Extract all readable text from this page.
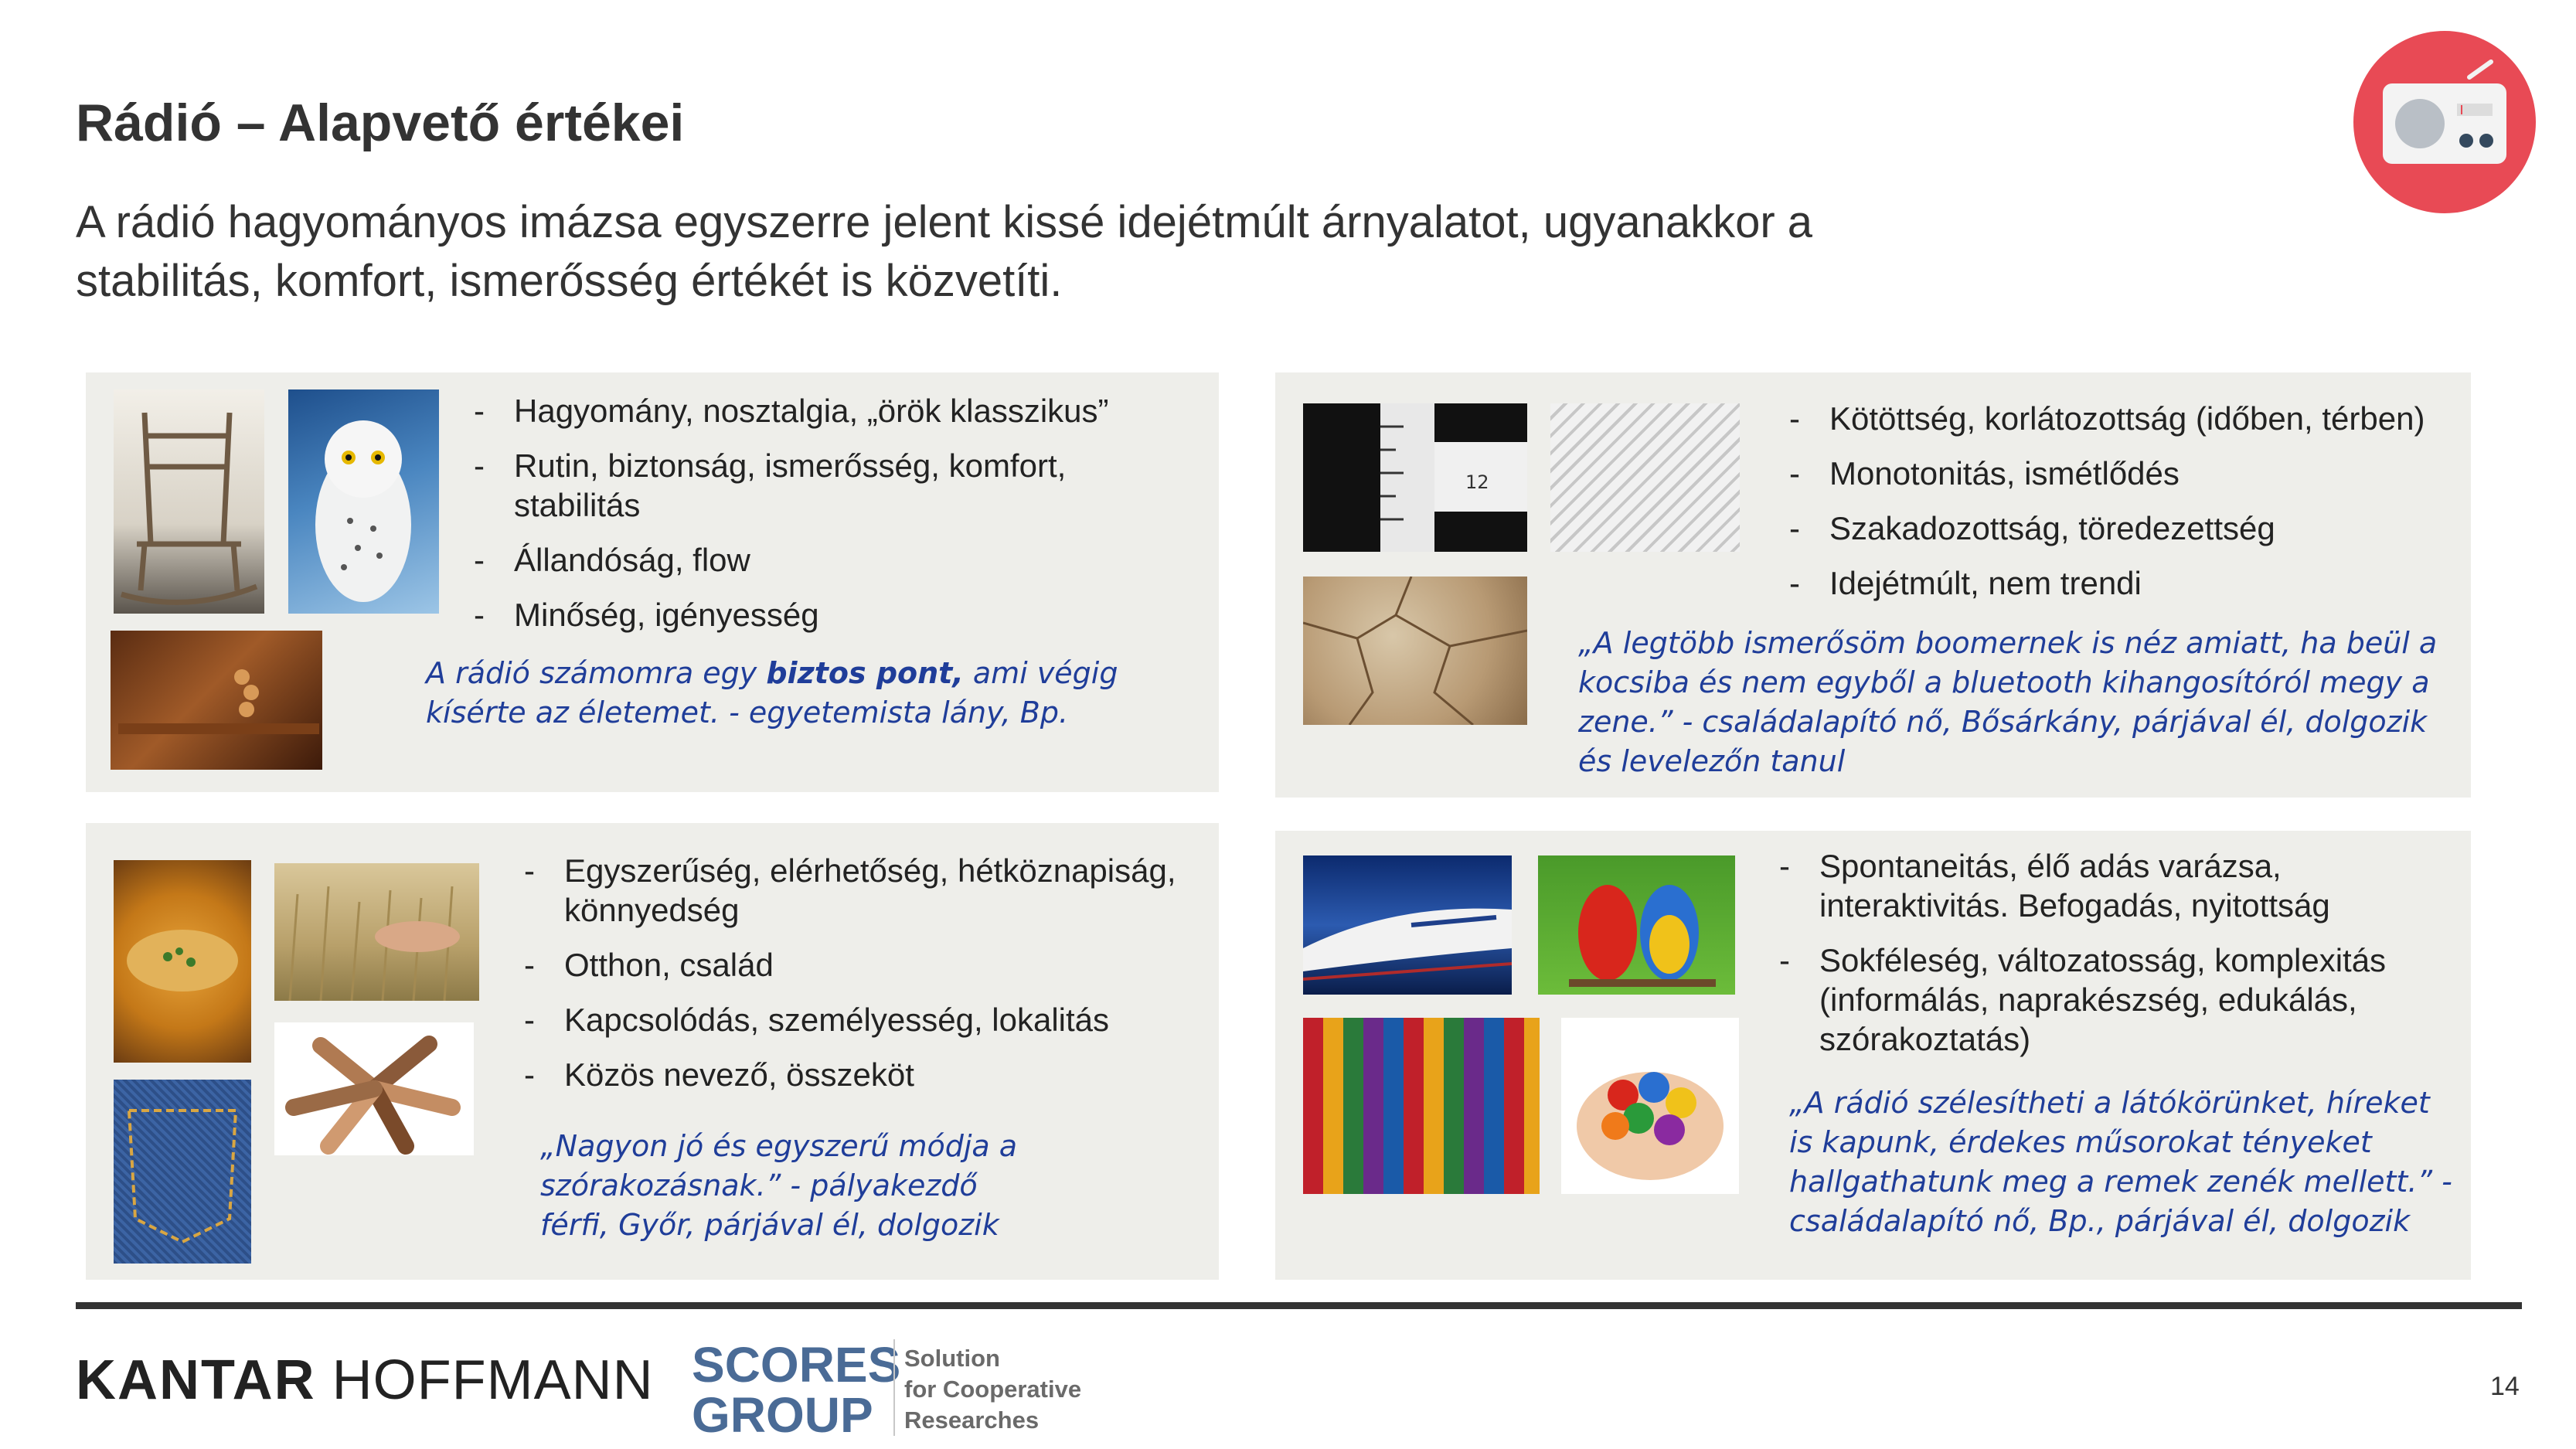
Rádió – Alapvető értékei
A rádió hagyományos imázsa egyszerre jelent kissé idejétmúlt árnyalatot, ugyanakkor a stabilitás, komfort, ismerősség értékét is közvetíti.
- Hagyomány, nosztalgia, „örök klasszikus”
- Rutin, biztonság, ismerősség, komfort, stabilitás
- Állandóság, flow
- Minőség, igényesség
A rádió számomra egy biztos pont, ami végig kísérte az életemet. - egyetemista lány, Bp.
12
- Kötöttség, korlátozottság (időben, térben)
- Monotonitás, ismétlődés
- Szakadozottság, töredezettség
- Idejétmúlt, nem trendi
„A legtöbb ismerősöm boomernek is néz amiatt, ha beül a kocsiba és nem egyből a bluetooth kihangosítóról megy a zene.” - családalapító nő, Bősárkány, párjával él, dolgozik és levelezőn tanul
- Egyszerűség, elérhetőség, hétköznapiság, könnyedség
- Otthon, család
- Kapcsolódás, személyesség, lokalitás
- Közös nevező, összeköt
„Nagyon jó és egyszerű módja a szórakozásnak.” - pályakezdő férfi, Győr, párjával él, dolgozik
- Spontaneitás, élő adás varázsa, interaktivitás. Befogadás, nyitottság
- Sokféleség, változatosság, komplexitás (informálás, naprakészség, edukálás, szórakoztatás)
„A rádió szélesítheti a látókörünket, híreket is kapunk, érdekes műsorokat tényeket hallgathatunk meg a remek zenék mellett.” - családalapító nő, Bp., párjával él, dolgozik
KANTAR HOFFMANN SCORES
GROUP
Solution
for Cooperative
Researches
14
